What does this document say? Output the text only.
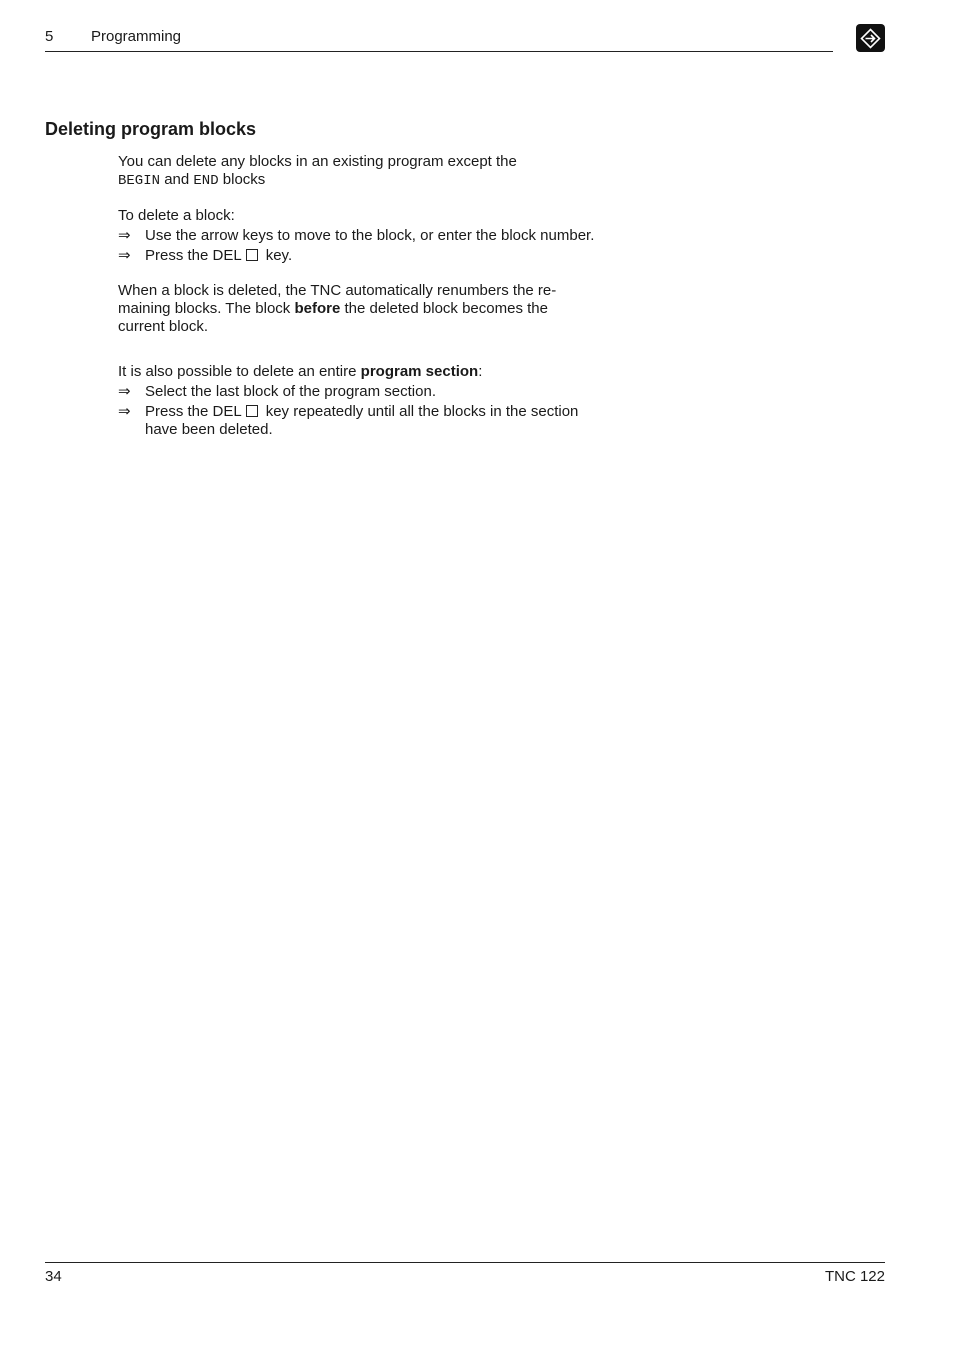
5	Programming
Deleting program blocks

You can delete any blocks in an existing program except the
BEGIN and END blocks

To delete a block:

⇒ Use the arrow keys to move to the block, or enter the block number.
⇒ Press the DEL key.

When a block is deleted, the TNC automatically renumbers the re-maining blocks. The block before the deleted block becomes the current block.

It is also possible to delete an entire program section:

⇒ Select the last block of the program section.
⇒ Press the DEL key repeatedly until all the blocks in the section have been deleted.
34	TNC 122
